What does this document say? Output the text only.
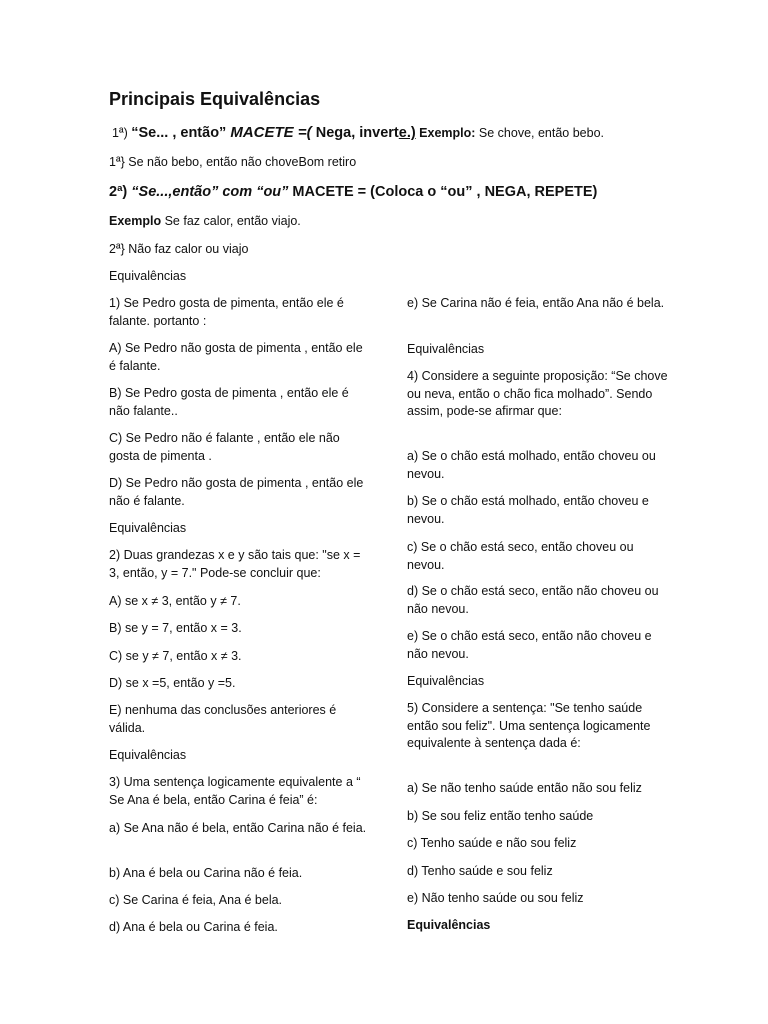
Principais Equivalências

1ª) “Se... , então” MACETE =( Nega, inverte.) Exemplo: Se chove, então bebo.

1ª} Se não bebo, então não choveBom retiro

2ª) “Se...,então” com “ou” MACETE = (Coloca o “ou” , NEGA, REPETE)

Exemplo Se faz calor, então viajo.

2ª} Não faz calor ou viajo

Equivalências

1) Se Pedro gosta de pimenta, então ele é falante. portanto :

A) Se Pedro não gosta de pimenta , então ele é falante.

B) Se Pedro gosta de pimenta , então ele é não falante..

C) Se Pedro não é falante , então ele não gosta de pimenta .

D) Se Pedro não gosta de pimenta , então ele não é falante.

Equivalências

2) Duas grandezas x e y são tais que: "se x = 3, então, y = 7." Pode-se concluir que:

A) se x ≠ 3, então y ≠ 7.

B) se y = 7, então x = 3.

C) se y ≠ 7, então x ≠ 3.

D) se x =5, então y =5.

E) nenhuma das conclusões anteriores é válida.

Equivalências

3) Uma sentença logicamente equivalente a “ Se Ana é bela, então Carina é feia” é:

a) Se Ana não é bela, então Carina não é feia.

b) Ana é bela ou Carina não é feia.

c) Se Carina é feia, Ana é bela.

d) Ana é bela ou Carina é feia.

e) Se Carina não é feia, então Ana não é bela.

Equivalências

4) Considere a seguinte proposição: “Se chove ou neva, então o chão fica molhado”. Sendo assim, pode-se afirmar que:

a) Se o chão está molhado, então choveu ou nevou.

b) Se o chão está molhado, então choveu e nevou.

c) Se o chão está seco, então choveu ou nevou.

d) Se o chão está seco, então não choveu ou não nevou.

e) Se o chão está seco, então não choveu e não nevou.

Equivalências

5) Considere a sentença: "Se tenho saúde então sou feliz". Uma sentença logicamente equivalente à sentença dada é:

a) Se não tenho saúde então não sou feliz

b) Se sou feliz então tenho saúde

c) Tenho saúde e não sou feliz

d) Tenho saúde e sou feliz

e) Não tenho saúde ou sou feliz

Equivalências
